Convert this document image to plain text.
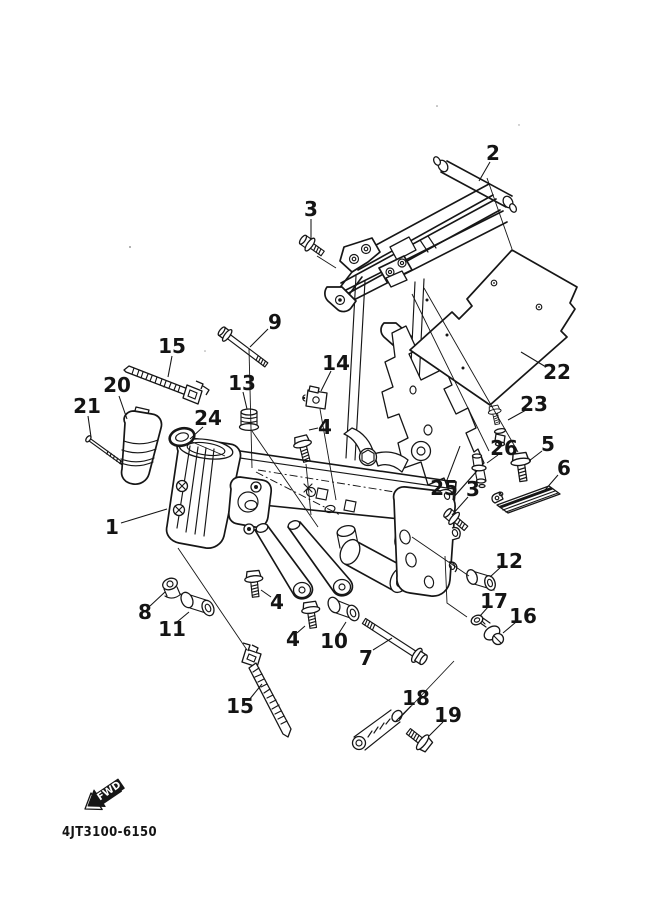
2
3
9
15
14
13
20
22
21	24
23
4
5
26
6
25 3
1
12
17
16
8
11
4
4 10
7
15	18
19
FWD
4JT3100-6150
